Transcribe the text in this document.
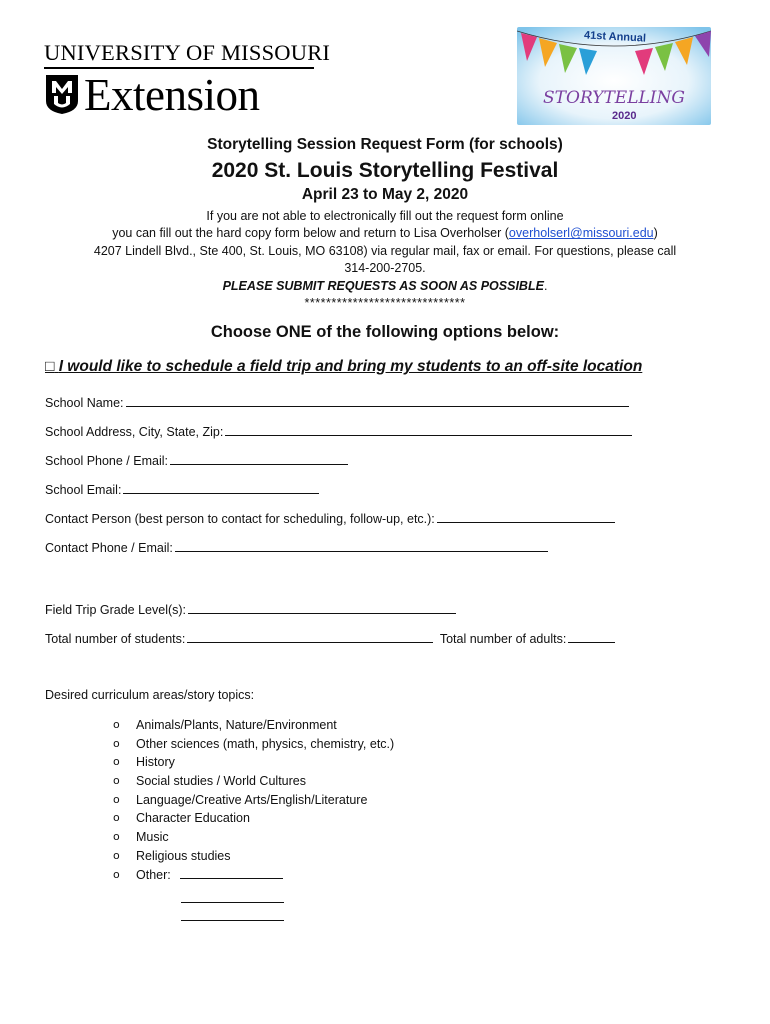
UNIVERSITY OF MISSOURI
Extension	STORYTELLING
41st Annual
2020
Storytelling Session Request Form (for schools)
2020 St. Louis Storytelling Festival
April 23 to May 2, 2020
If you are not able to electronically fill out the request form online
you can fill out the hard copy form below and return to Lisa Overholser (overholserl@missouri.edu)
4207 Lindell Blvd., Ste 400, St. Louis, MO 63108) via regular mail, fax or email. For questions, please call
314-200-2705.
PLEASE SUBMIT REQUESTS AS SOON AS POSSIBLE.
******************************
Choose ONE of the following options below:
□ I would like to schedule a field trip and bring my students to an off-site location
School Name:
School Address, City, State, Zip:
School Phone / Email:
School Email:
Contact Person (best person to contact for scheduling, follow-up, etc.):
Contact Phone / Email:
Field Trip Grade Level(s):
Total number of students:	Total number of adults:
Desired curriculum areas/story topics:
o	Animals/Plants, Nature/Environment
o	Other sciences (math, physics, chemistry, etc.)
o	History
o	Social studies / World Cultures
o	Language/Creative Arts/English/Literature
o	Character Education
o	Music
o	Religious studies
o	Other:
